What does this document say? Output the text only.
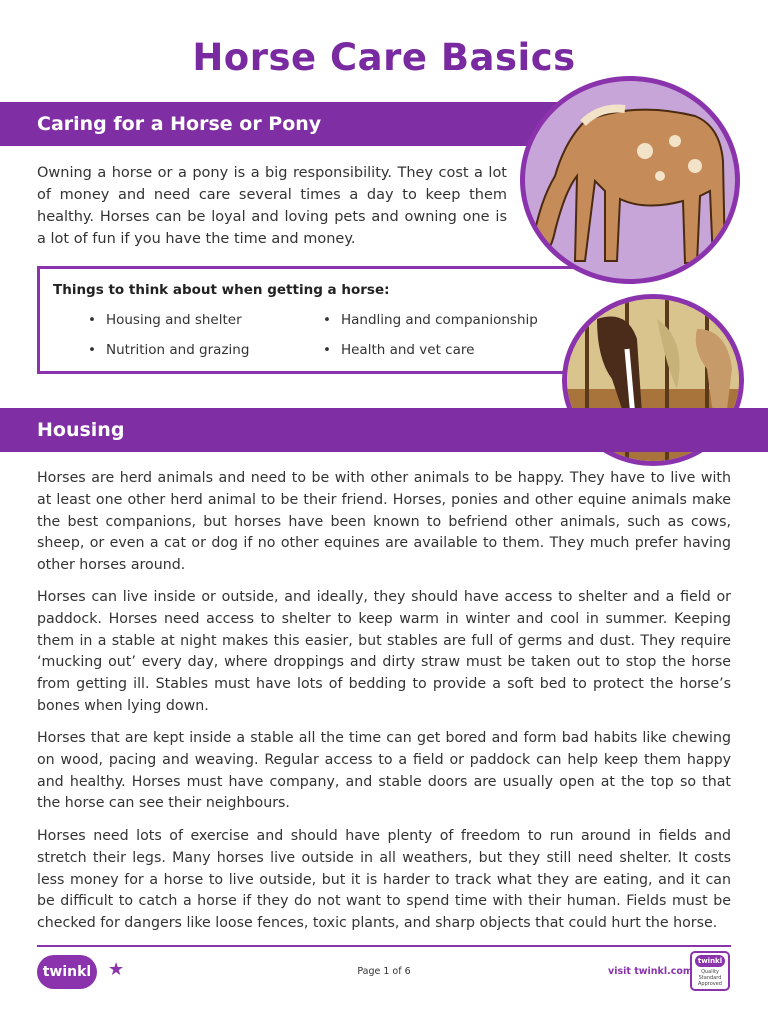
Horse Care Basics
Caring for a Horse or Pony

Owning a horse or a pony is a big responsibility. They cost a lot of money and need care several times a day to keep them healthy. Horses can be loyal and loving pets and owning one is a lot of fun if you have the time and money.

Things to think about when getting a horse:
• Housing and shelter	• Handling and companionship
• Nutrition and grazing	• Health and vet care
Housing

Horses are herd animals and need to be with other animals to be happy. They have to live with at least one other herd animal to be their friend. Horses, ponies and other equine animals make the best companions, but horses have been known to befriend other animals, such as cows, sheep, or even a cat or dog if no other equines are available to them. They much prefer having other horses around.

Horses can live inside or outside, and ideally, they should have access to shelter and a field or paddock. Horses need access to shelter to keep warm in winter and cool in summer. Keeping them in a stable at night makes this easier, but stables are full of germs and dust. They require ‘mucking out’ every day, where droppings and dirty straw must be taken out to stop the horse from getting ill. Stables must have lots of bedding to provide a soft bed to protect the horse’s bones when lying down.

Horses that are kept inside a stable all the time can get bored and form bad habits like chewing on wood, pacing and weaving. Regular access to a field or paddock can help keep them happy and healthy. Horses must have company, and stable doors are usually open at the top so that the horse can see their neighbours.

Horses need lots of exercise and should have plenty of freedom to run around in fields and stretch their legs. Many horses live outside in all weathers, but they still need shelter. It costs less money for a horse to live outside, but it is harder to track what they are eating, and it can be difficult to catch a horse if they do not want to spend time with their human. Fields must be checked for dangers like loose fences, toxic plants, and sharp objects that could hurt the horse.

twinkl ★	Page 1 of 6	visit twinkl.com
twinkl
Quality Standard Approved
